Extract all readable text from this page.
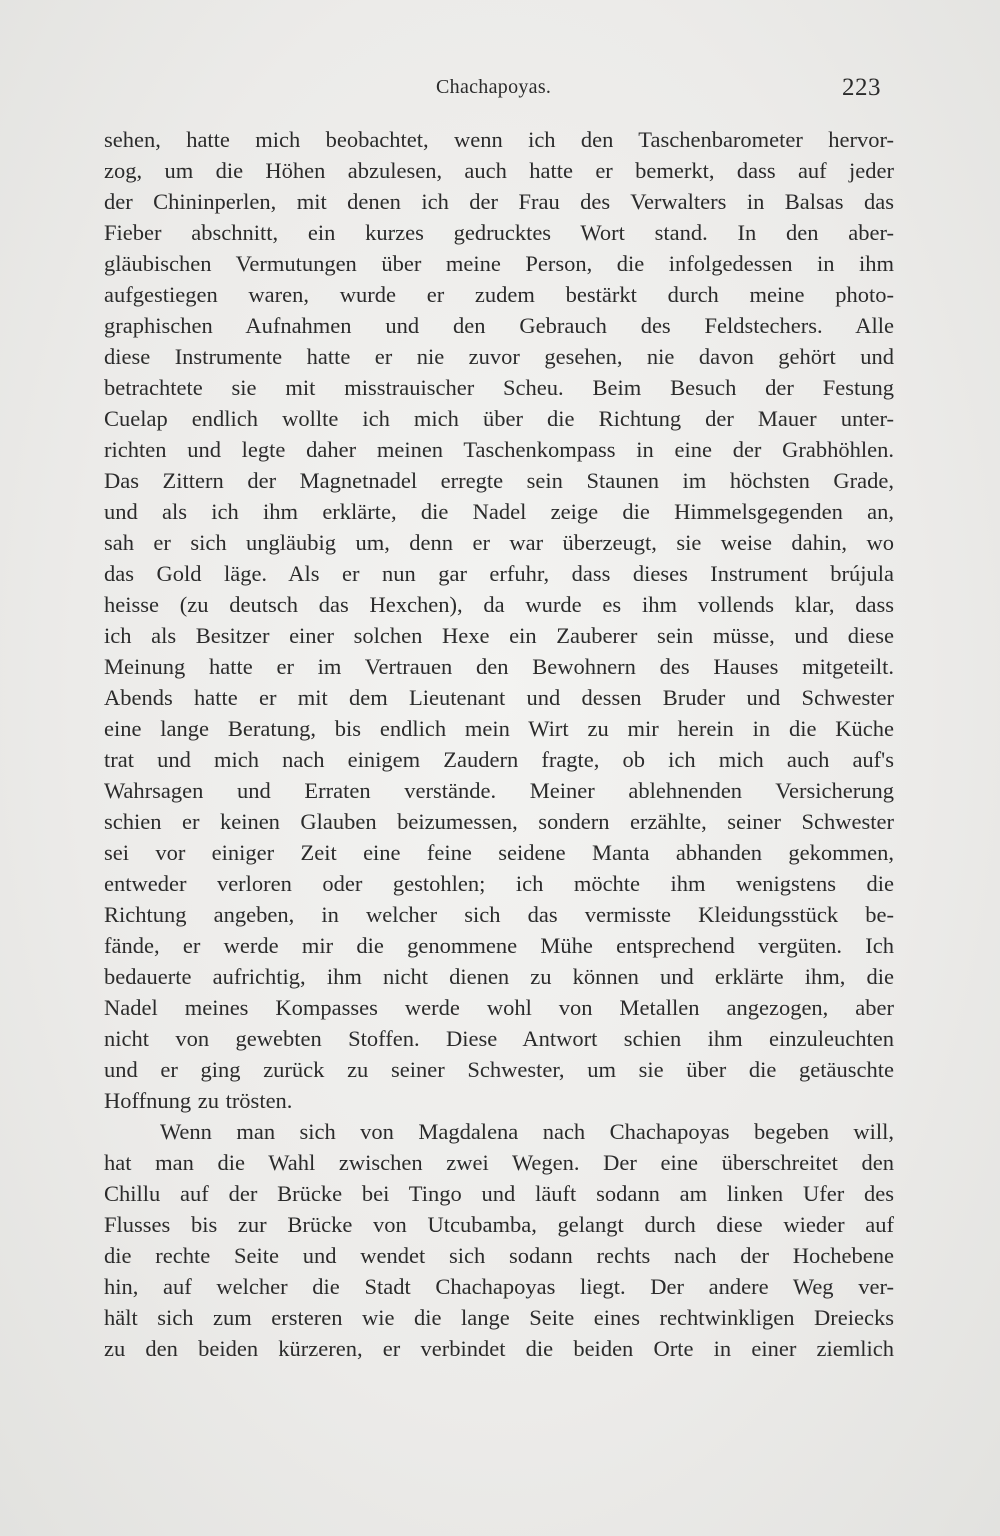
Chachapoyas.	223
sehen, hatte mich beobachtet, wenn ich den Taschenbarometer hervor-
zog, um die Höhen abzulesen, auch hatte er bemerkt, dass auf jeder
der Chininperlen, mit denen ich der Frau des Verwalters in Balsas das
Fieber abschnitt, ein kurzes gedrucktes Wort stand. In den aber-
gläubischen Vermutungen über meine Person, die infolgedessen in ihm
aufgestiegen waren, wurde er zudem bestärkt durch meine photo-
graphischen Aufnahmen und den Gebrauch des Feldstechers. Alle
diese Instrumente hatte er nie zuvor gesehen, nie davon gehört und
betrachtete sie mit misstrauischer Scheu. Beim Besuch der Festung
Cuelap endlich wollte ich mich über die Richtung der Mauer unter-
richten und legte daher meinen Taschenkompass in eine der Grabhöhlen.
Das Zittern der Magnetnadel erregte sein Staunen im höchsten Grade,
und als ich ihm erklärte, die Nadel zeige die Himmelsgegenden an,
sah er sich ungläubig um, denn er war überzeugt, sie weise dahin, wo
das Gold läge. Als er nun gar erfuhr, dass dieses Instrument brújula
heisse (zu deutsch das Hexchen), da wurde es ihm vollends klar, dass
ich als Besitzer einer solchen Hexe ein Zauberer sein müsse, und diese
Meinung hatte er im Vertrauen den Bewohnern des Hauses mitgeteilt.
Abends hatte er mit dem Lieutenant und dessen Bruder und Schwester
eine lange Beratung, bis endlich mein Wirt zu mir herein in die Küche
trat und mich nach einigem Zaudern fragte, ob ich mich auch auf's
Wahrsagen und Erraten verstände. Meiner ablehnenden Versicherung
schien er keinen Glauben beizumessen, sondern erzählte, seiner Schwester
sei vor einiger Zeit eine feine seidene Manta abhanden gekommen,
entweder verloren oder gestohlen; ich möchte ihm wenigstens die
Richtung angeben, in welcher sich das vermisste Kleidungsstück be-
fände, er werde mir die genommene Mühe entsprechend vergüten. Ich
bedauerte aufrichtig, ihm nicht dienen zu können und erklärte ihm, die
Nadel meines Kompasses werde wohl von Metallen angezogen, aber
nicht von gewebten Stoffen. Diese Antwort schien ihm einzuleuchten
und er ging zurück zu seiner Schwester, um sie über die getäuschte
Hoffnung zu trösten.
Wenn man sich von Magdalena nach Chachapoyas begeben will,
hat man die Wahl zwischen zwei Wegen. Der eine überschreitet den
Chillu auf der Brücke bei Tingo und läuft sodann am linken Ufer des
Flusses bis zur Brücke von Utcubamba, gelangt durch diese wieder auf
die rechte Seite und wendet sich sodann rechts nach der Hochebene
hin, auf welcher die Stadt Chachapoyas liegt. Der andere Weg ver-
hält sich zum ersteren wie die lange Seite eines rechtwinkligen Dreiecks
zu den beiden kürzeren, er verbindet die beiden Orte in einer ziemlich
